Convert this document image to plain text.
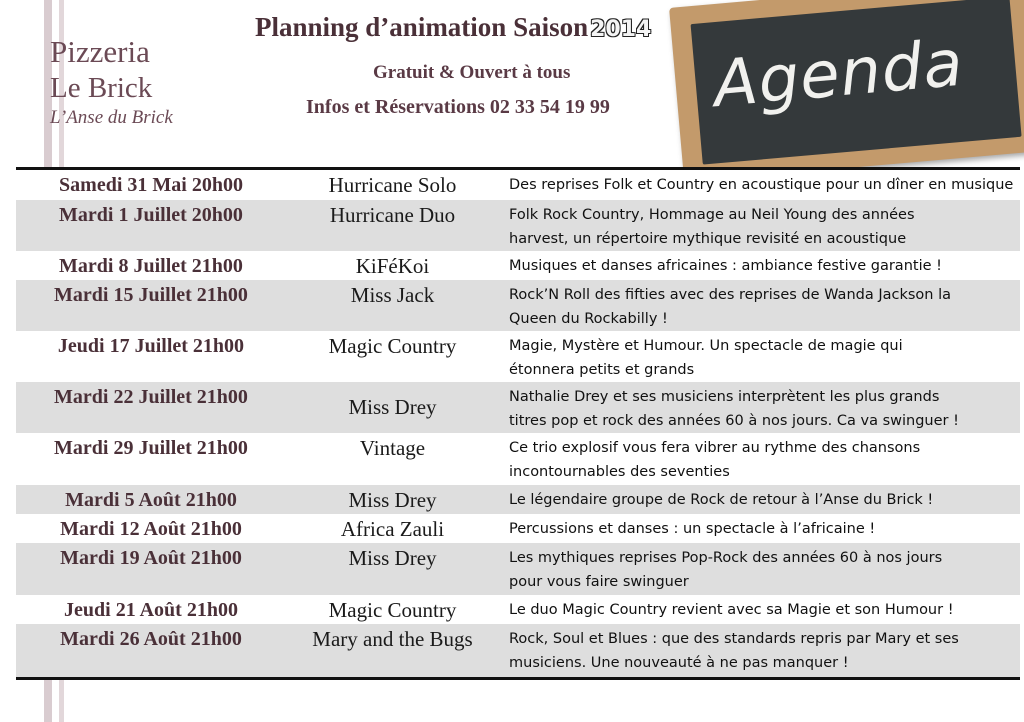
Pizzeria
Le Brick
L’Anse du Brick
Planning d’animation Saison2014
Gratuit & Ouvert à tous
Infos et Réservations 02 33 54 19 99 Agenda
Samedi 31 Mai 20h00	Hurricane Solo	Des reprises Folk et Country en acoustique pour un dîner en musique
Mardi 1 Juillet 20h00	Hurricane Duo	Folk Rock Country, Hommage au Neil Young des années
harvest, un répertoire mythique revisité en acoustique
Mardi 8 Juillet 21h00	KiFéKoi	Musiques et danses africaines : ambiance festive garantie !
Mardi 15 Juillet 21h00	Miss Jack	Rock’N Roll des fifties avec des reprises de Wanda Jackson la
Queen du Rockabilly !
Jeudi 17 Juillet 21h00	Magic Country	Magie, Mystère et Humour. Un spectacle de magie qui
étonnera petits et grands
Mardi 22 Juillet 21h00	Miss Drey	Nathalie Drey et ses musiciens interprètent les plus grands
titres pop et rock des années 60 à nos jours. Ca va swinguer !
Mardi 29 Juillet 21h00	Vintage	Ce trio explosif vous fera vibrer au rythme des chansons
incontournables des seventies
Mardi 5 Août 21h00	Miss Drey	Le légendaire groupe de Rock de retour à l’Anse du Brick !
Mardi 12 Août 21h00	Africa Zauli	Percussions et danses : un spectacle à l’africaine !
Mardi 19 Août 21h00	Miss Drey	Les mythiques reprises Pop-Rock des années 60 à nos jours
pour vous faire swinguer
Jeudi 21 Août 21h00	Magic Country	Le duo Magic Country revient avec sa Magie et son Humour !
Mardi 26 Août 21h00	Mary and the Bugs	Rock, Soul et Blues : que des standards repris par Mary et ses
musiciens. Une nouveauté à ne pas manquer !
